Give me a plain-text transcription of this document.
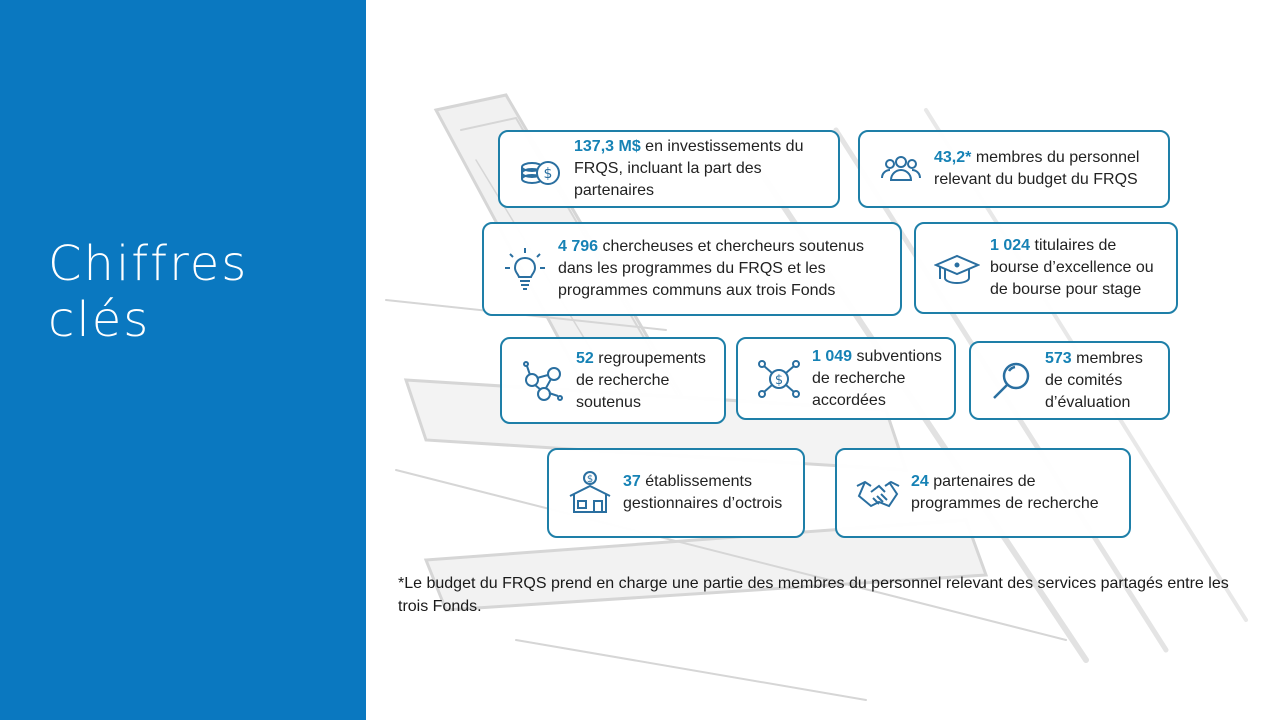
Chiffres clés
$
137,3 M$ en investissements du FRQS, incluant la part des partenaires
43,2* membres du personnel relevant du budget du FRQS
4 796 chercheuses et chercheurs soutenus dans les programmes du FRQS et les programmes communs aux trois Fonds
1 024 titulaires de bourse d’excellence ou de bourse pour stage
52 regroupements de recherche soutenus
$
1 049 subventions de recherche accordées
573 membres de comités d’évaluation
$ 37 établissements gestionnaires d’octrois
24 partenaires de programmes de recherche

*Le budget du FRQS prend en charge une partie des membres du personnel relevant des services partagés entre les trois Fonds.
